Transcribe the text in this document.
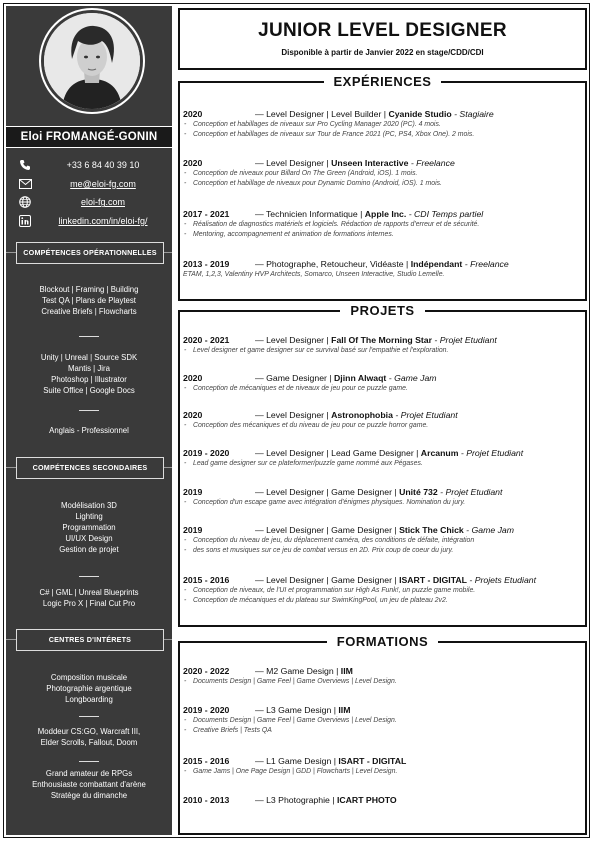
Eloi FROMANGÉ-GONIN
+33 6 84 40 39 10
me@eloi-fg.com
eloi-fg.com
linkedin.com/in/eloi-fg/
COMPÉTENCES OPÉRATIONNELLES
Blockout | Framing | Building
Test QA | Plans de Playtest
Creative Briefs | Flowcharts
Unity | Unreal | Source SDK
Mantis | Jira
Photoshop | Illustrator
Suite Office | Google Docs
Anglais - Professionnel
COMPÉTENCES SECONDAIRES
Modélisation 3D
Lighting
Programmation
UI/UX Design
Gestion de projet
C# | GML | Unreal Blueprints
Logic Pro X | Final Cut Pro
CENTRES D'INTÉRETS
Composition musicale
Photographie argentique
Longboarding
Moddeur CS:GO, Warcraft III,
Elder Scrolls, Fallout, Doom
Grand amateur de RPGs
Enthousiaste combattant d'arène
Stratège du dimanche
JUNIOR LEVEL DESIGNER
Disponible à partir de Janvier 2022 en stage/CDD/CDI
EXPÉRIENCES
PROJETS
FORMATIONS
2020	— Level Designer | Level Builder | Cyanide Studio - Stagiaire
- Conception et habillages de niveaux sur Pro Cycling Manager 2020 (PC). 4 mois.
- Conception et habillages de niveaux sur Tour de France 2021 (PC, PS4, Xbox One). 2 mois.
2020	— Level Designer | Unseen Interactive - Freelance
- Conception de niveaux pour Billard On The Green (Android, iOS). 1 mois.
- Conception et habillage de niveaux pour Dynamic Domino (Android, iOS). 1 mois.
2017 - 2021	— Technicien Informatique | Apple Inc. - CDI Temps partiel
- Réalisation de diagnostics matériels et logiciels. Rédaction de rapports d'erreur et de sécurité.
- Mentoring, accompagnement et animation de formations internes.
2013 - 2019	— Photographe, Retoucheur, Vidéaste | Indépendant - Freelance
ETAM, 1,2,3, Valentiny HVP Architects, Somarco, Unseen Interactive, Studio Lemelle.
2020 - 2021	— Level Designer | Fall Of The Morning Star - Projet Etudiant
- Level designer et game designer sur ce survival basé sur l'empathie et l'exploration.
2020	— Game Designer | Djinn Alwaqt - Game Jam
- Conception de mécaniques et de niveaux de jeu pour ce puzzle game.
2020	— Level Designer | Astronophobia - Projet Etudiant
- Conception des mécaniques et du niveau de jeu pour ce puzzle horror game.
2019 - 2020	— Level Designer | Lead Game Designer | Arcanum - Projet Etudiant
- Lead game designer sur ce plateformer/puzzle game nommé aux Pégases.
2019	— Level Designer | Game Designer | Unité 732 - Projet Etudiant
- Conception d'un escape game avec intégration d'énigmes physiques. Nomination du jury.
2019	— Level Designer | Game Designer | Stick The Chick - Game Jam
- Conception du niveau de jeu, du déplacement caméra, des conditions de défaite, intégration
- des sons et musiques sur ce jeu de combat versus en 2D. Prix coup de coeur du jury.
2015 - 2016	— Level Designer | Game Designer | ISART - DIGITAL - Projets Etudiant
- Conception de niveaux, de l'UI et programmation sur High As Funk!, un puzzle game mobile.
- Conception de mécaniques et du plateau sur SwimKingPool, un jeu de plateau 2v2.
2020 - 2022	— M2 Game Design | IIM
- Documents Design | Game Feel | Game Overviews | Level Design.
2019 - 2020	— L3 Game Design | IIM
- Documents Design | Game Feel | Game Overviews | Level Design.
- Creative Briefs | Tests QA
2015 - 2016	— L1 Game Design | ISART - DIGITAL
- Game Jams | One Page Design | GDD | Flowcharts | Level Design.
2010 - 2013	— L3 Photographie | ICART PHOTO
